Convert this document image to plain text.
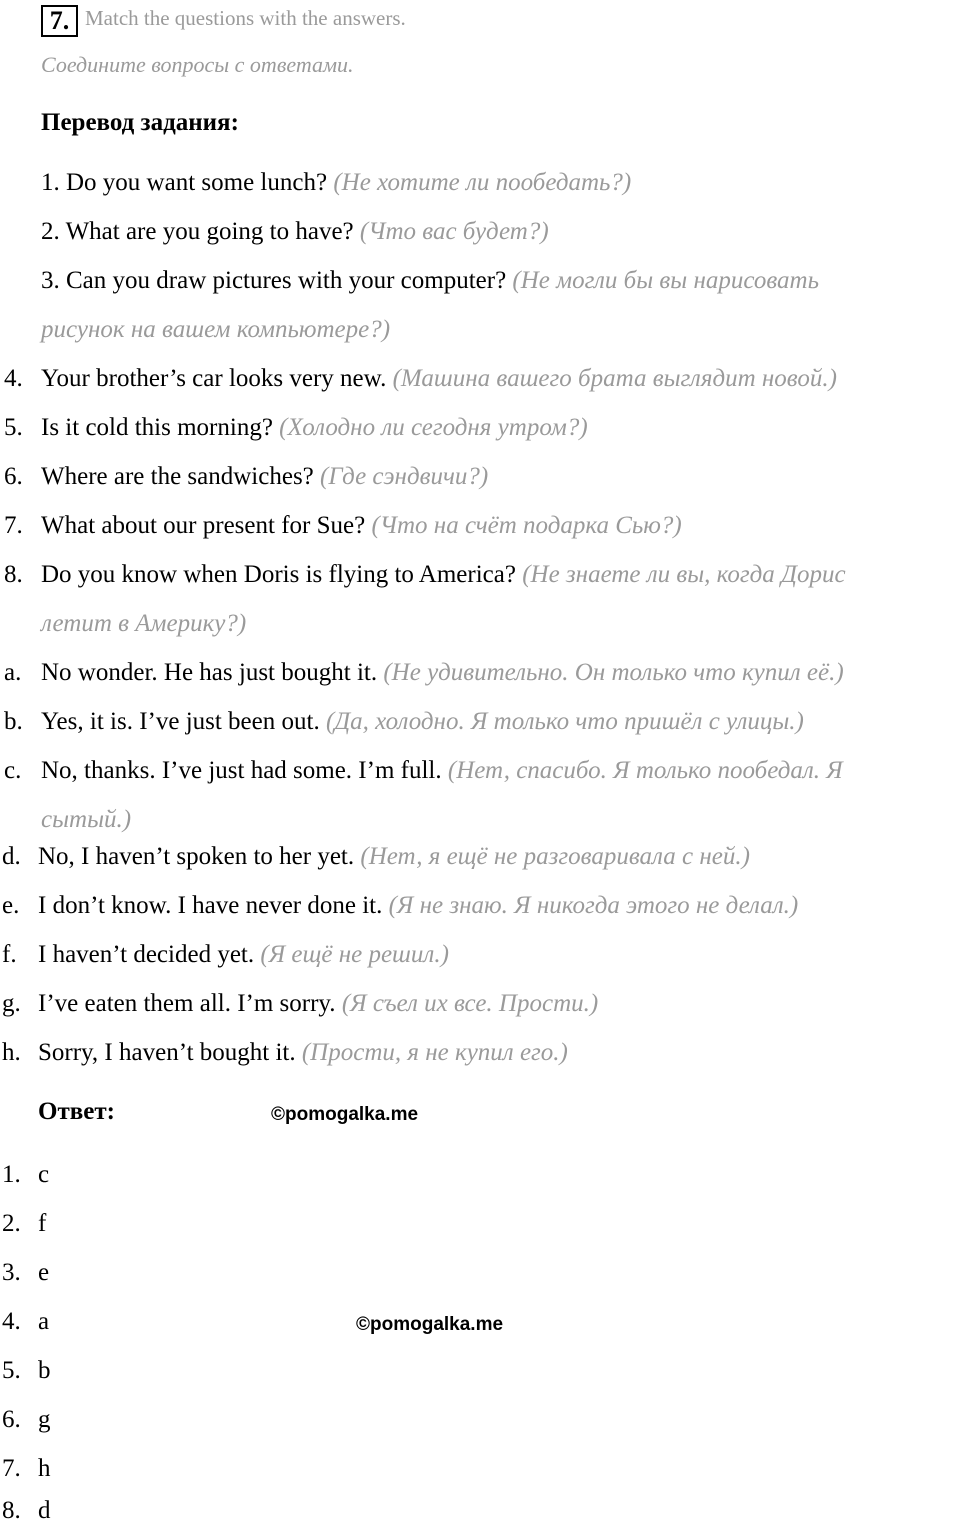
7. Match the questions with the answers.
Соедините вопросы с ответами.
Перевод задания:
1. Do you want some lunch? (Не хотите ли пообедать?)
2. What are you going to have? (Что вас будет?)
3. Can you draw pictures with your computer? (Не могли бы вы нарисовать
рисунок на вашем компьютере?)
4. Your brother’s car looks very new. (Машина вашего брата выглядит новой.)
5. Is it cold this morning? (Холодно ли сегодня утром?)
6. Where are the sandwiches? (Где сэндвичи?)
7. What about our present for Sue? (Что на счёт подарка Сью?)
8. Do you know when Doris is flying to America? (Не знаете ли вы, когда Дорис
летит в Америку?)
a. No wonder. He has just bought it. (Не удивительно. Он только что купил её.)
b. Yes, it is. I’ve just been out. (Да, холодно. Я только что пришёл с улицы.)
c. No, thanks. I’ve just had some. I’m full. (Нет, спасибо. Я только пообедал. Я
сытый.)
d. No, I haven’t spoken to her yet. (Нет, я ещё не разговаривала с ней.)
e. I don’t know. I have never done it. (Я не знаю. Я никогда этого не делал.)
f. I haven’t decided yet. (Я ещё не решил.)
g. I’ve eaten them all. I’m sorry. (Я съел их все. Прости.)
h. Sorry, I haven’t bought it. (Прости, я не купил его.)
Ответ:	©pomogalka.me
1. c
2. f
3. e
4. a	©pomogalka.me
5. b
6. g
7. h
8. d
